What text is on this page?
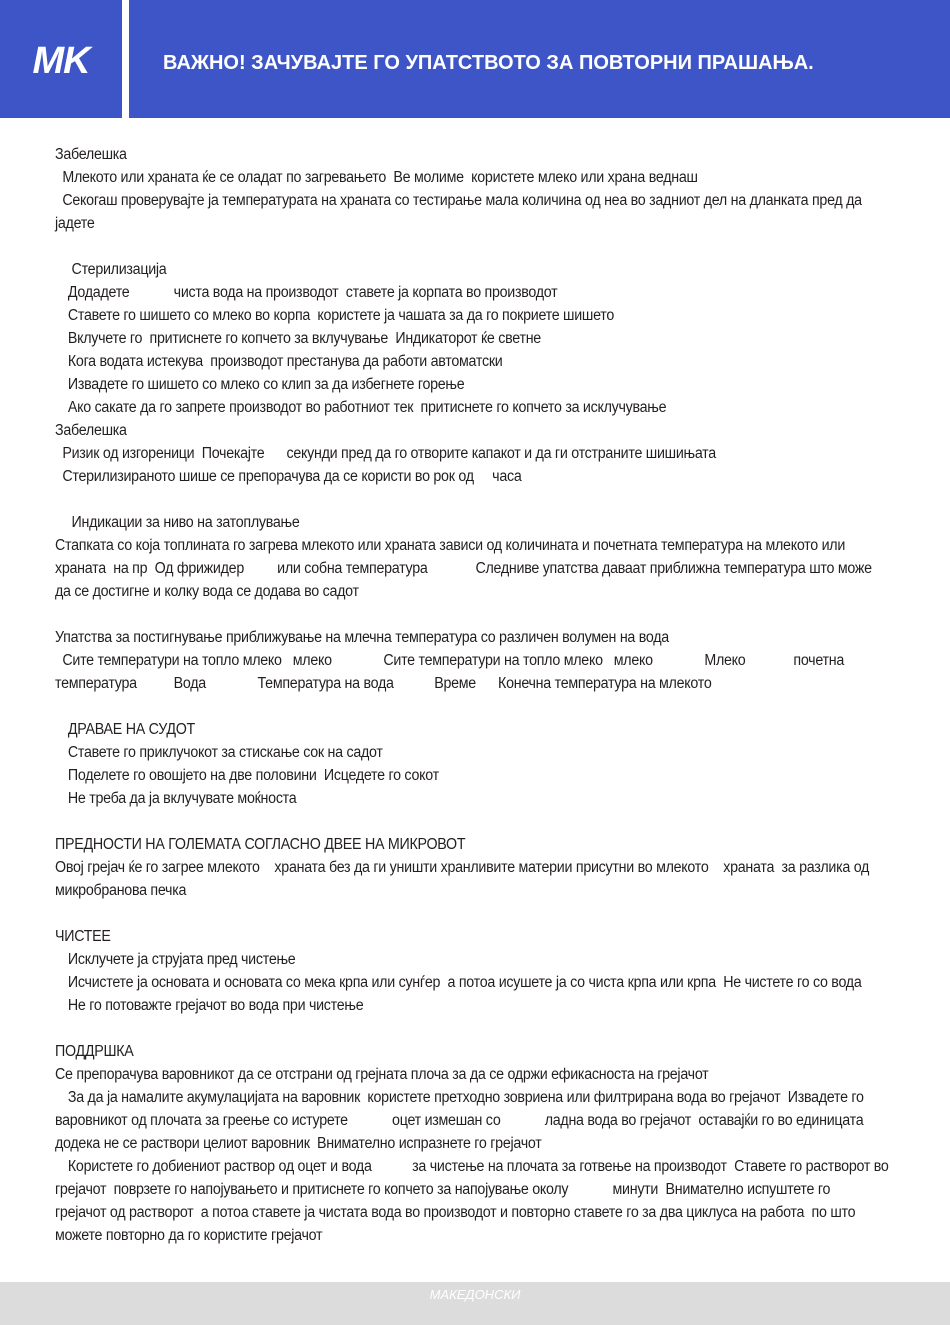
MK	ВАЖНО! ЗАЧУВАЈТЕ ГО УПАТСТВОТО ЗА ПОВТОРНИ ПРАШАЊА.
Забелешка
Млекото или храната ќе се оладат по загревањето  Ве молиме  користете млеко или храна веднаш
Секогаш проверувајте ја температурата на храната со тестирање мала количина од неа во задниот дел на дланката пред да
јадете
Стерилизација
Додадете            чиста вода на производот  ставете ја корпата во производот
Ставете го шишето со млеко во корпа  користете ја чашата за да го покриете шишето
Вклучете го  притиснете го копчето за вклучување  Индикаторот ќе светне
Кога водата истекува  производот престанува да работи автоматски
Извадете го шишето со млеко со клип за да избегнете горење
Ако сакате да го запрете производот во работниот тек  притиснете го копчето за исклучување
Забелешка
Ризик од изгореници  Почекајте      секунди пред да го отворите капакот и да ги отстраните шишињата
Стерилизираното шише се препорачува да се користи во рок од     часа
Индикации за ниво на затоплување
Стапката со која топлината го загрева млекото или храната зависи од количината и почетната температура на млекото или
храната  на пр  Од фрижидер         или собна температура             Следниве упатства даваат приближна температура што може
да се достигне и колку вода се додава во садот
Упатства за постигнување приближување на млечна температура со различен волумен на вода
Сите температури на топло млеко   млеко              Сите температури на топло млеко   млеко              Млеко             почетна
температура          Вода              Температура на вода           Време      Конечна температура на млекото
ДРАВАЕ НА СУДОТ
Ставете го приклучокот за стискање сок на садот
Поделете го овошјето на две половини  Исцедете го сокот
Не треба да ја вклучувате моќноста
ПРЕДНОСТИ НА ГОЛЕМАТА СОГЛАСНО ДВЕЕ НА МИКРОВОТ
Овој грејач ќе го загрее млекото    храната без да ги уништи хранливите материи присутни во млекото    храната  за разлика од
микробранова печка
ЧИСТЕЕ
Исклучете ја струјата пред чистење
Исчистете ја основата и основата со мека крпа или сунѓер  а потоа исушете ја со чиста крпа или крпа  Не чистете го со вода
Не го потоважте грејачот во вода при чистење
ПОДДРШКА
Се препорачува варовникот да се отстрани од грејната плоча за да се одржи ефикасноста на грејачот
За да ја намалите акумулацијата на варовник  користете претходно зовриена или филтрирана вода во грејачот  Извадете го
варовникот од плочата за греење со истурете            оцет измешан со            ладна вода во грејачот  оставајќи го во единицата
додека не се раствори целиот варовник  Внимателно испразнете го грејачот
Користете го добиениот раствор од оцет и вода           за чистење на плочата за готвење на производот  Ставете го растворот во
грејачот  поврзете го напојувањето и притиснете го копчето за напојување околу            минути  Внимателно испуштете го
грејачот од растворот  а потоа ставете ја чистата вода во производот и повторно ставете го за два циклуса на работа  по што
можете повторно да го користите грејачот
МАКЕДОНСКИ
